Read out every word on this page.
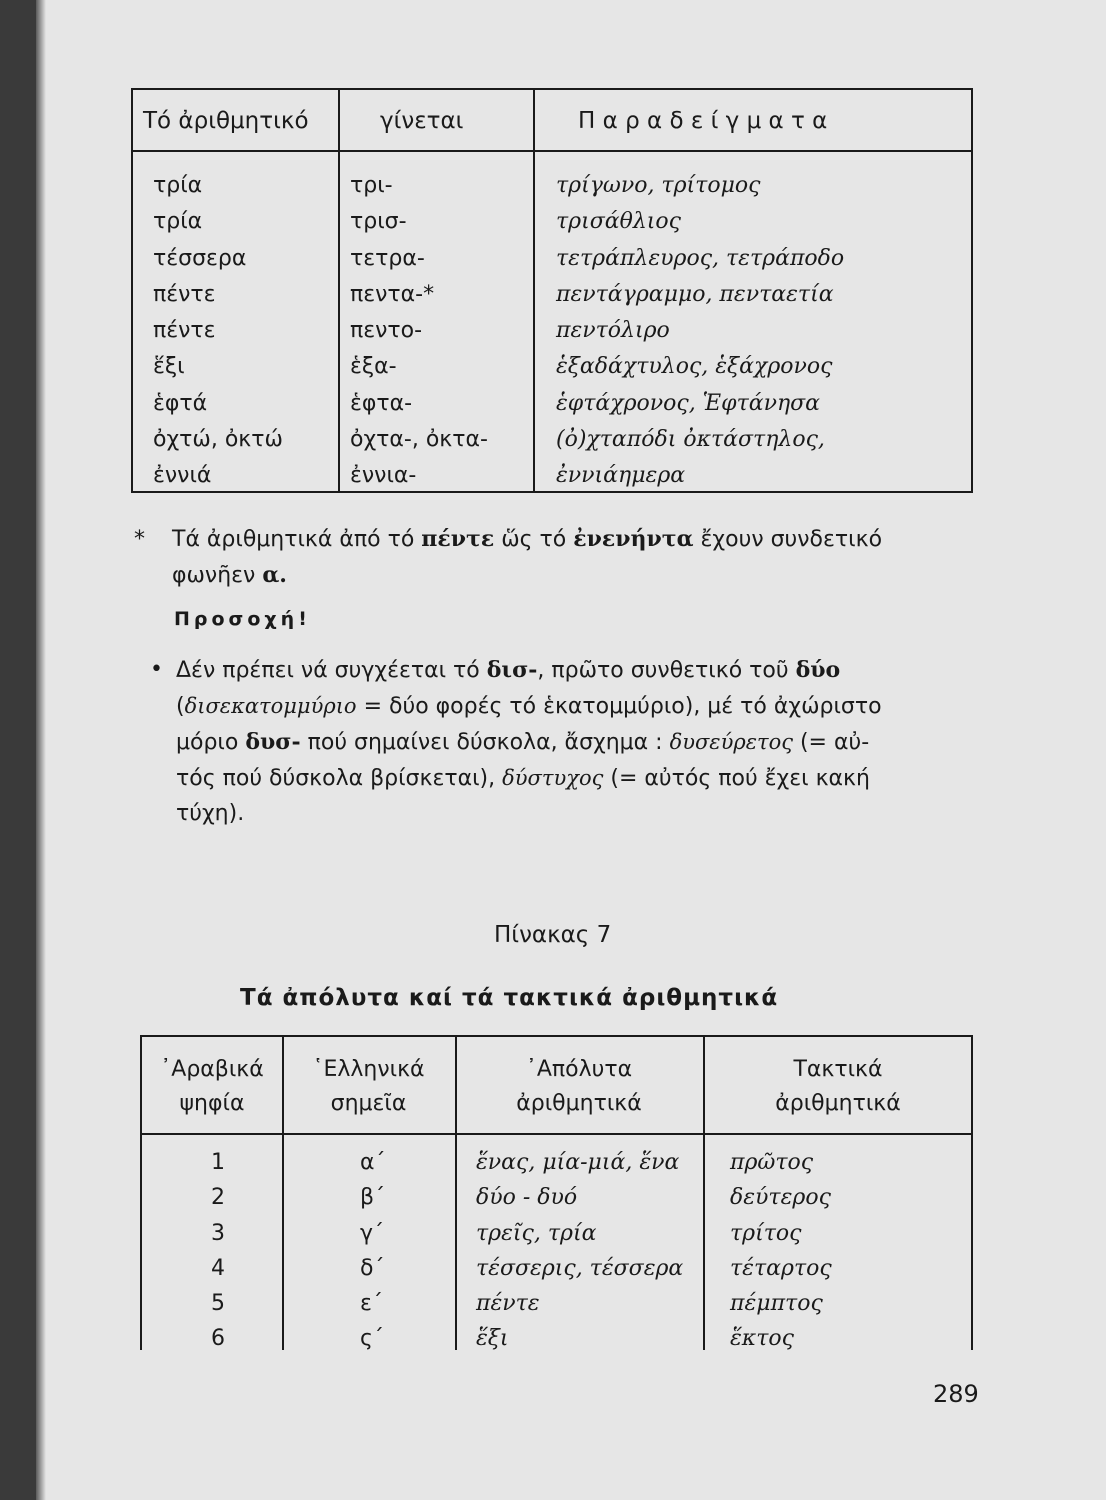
Τό ἀριθμητικό	γίνεται	Π α ρ α δ ε ί γ μ α τ α
τρία
τρία
τέσσερα
πέντε
πέντε
ἕξι
ἑφτά
ὀχτώ, ὀκτώ
ἐννιά
τρι-
τρισ-
τετρα-
πεντα-*
πεντο-
ἑξα-
ἑφτα-
ὀχτα-, ὀκτα-
ἐννια-
τρίγωνο, τρίτομος
τρισάθλιος
τετράπλευρος, τετράποδο
πεντάγραμμο, πενταετία
πεντόλιρο
ἑξαδάχτυλος, ἑξάχρονος
ἑφτάχρονος, Ἑφτάνησα
(ὀ)χταπόδι ὀκτάστηλος,
ἐννιάημερα
* Τά ἀριθμητικά ἀπό τό πέντε ὥς τό ἐνενήντα ἔχουν συνδετικό
φωνῆεν α.
Προσοχή!
• Δέν πρέπει νά συγχέεται τό δισ-, πρῶτο συνθετικό τοῦ δύο
(δισεκατομμύριο = δύο φορές τό ἑκατομμύριο), μέ τό ἀχώριστο
μόριο δυσ- πού σημαίνει δύσκολα, ἄσχημα : δυσεύρετος (= αὐ-
τός πού δύσκολα βρίσκεται), δύστυχος (= αὐτός πού ἔχει κακή
τύχη).
Πίνακας 7
Τά ἀπόλυτα καί τά τακτικά ἀριθμητικά
᾿Αραβικά
ψηφία
῾Ελληνικά
σημεῖα
᾿Απόλυτα
ἀριθμητικά
Τακτικά
ἀριθμητικά
1
2
3
4
5
6
α΄
β΄
γ΄
δ΄
ε΄
ς΄
ἕνας, μία-μιά, ἕνα
δύο - δυό
τρεῖς, τρία
τέσσερις, τέσσερα
πέντε
ἕξι
πρῶτος
δεύτερος
τρίτος
τέταρτος
πέμπτος
ἕκτος
289
